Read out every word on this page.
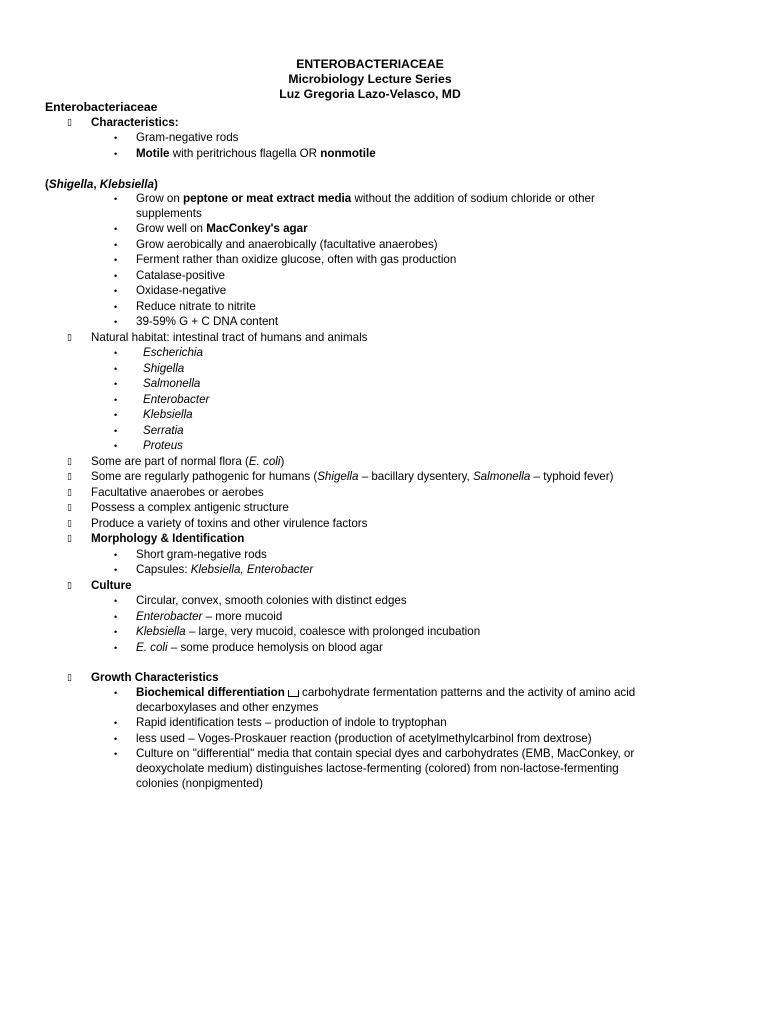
ENTEROBACTERIACEAE
Microbiology Lecture Series
Luz Gregoria Lazo-Velasco, MD
Enterobacteriaceae
▯ Characteristics:
• Gram-negative rods
• Motile with peritrichous flagella OR nonmotile
(Shigella, Klebsiella)
• Grow on peptone or meat extract media without the addition of sodium chloride or other
supplements
• Grow well on MacConkey's agar
• Grow aerobically and anaerobically (facultative anaerobes)
• Ferment rather than oxidize glucose, often with gas production
• Catalase-positive
• Oxidase-negative
• Reduce nitrate to nitrite
• 39-59% G + C DNA content
▯ Natural habitat: intestinal tract of humans and animals
• Escherichia
• Shigella
• Salmonella
• Enterobacter
• Klebsiella
• Serratia
• Proteus
▯ Some are part of normal flora (E. coli)
▯ Some are regularly pathogenic for humans (Shigella – bacillary dysentery, Salmonella – typhoid fever)
▯ Facultative anaerobes or aerobes
▯ Possess a complex antigenic structure
▯ Produce a variety of toxins and other virulence factors
▯ Morphology & Identification
• Short gram-negative rods
• Capsules: Klebsiella, Enterobacter
▯ Culture
• Circular, convex, smooth colonies with distinct edges
• Enterobacter – more mucoid
• Klebsiella – large, very mucoid, coalesce with prolonged incubation
• E. coli – some produce hemolysis on blood agar
▯ Growth Characteristics
• Biochemical differentiation carbohydrate fermentation patterns and the activity of amino acid
decarboxylases and other enzymes
• Rapid identification tests – production of indole to tryptophan
• less used – Voges-Proskauer reaction (production of acetylmethylcarbinol from dextrose)
• Culture on "differential" media that contain special dyes and carbohydrates (EMB, MacConkey, or
deoxycholate medium) distinguishes lactose-fermenting (colored) from non-lactose-fermenting
colonies (nonpigmented)
